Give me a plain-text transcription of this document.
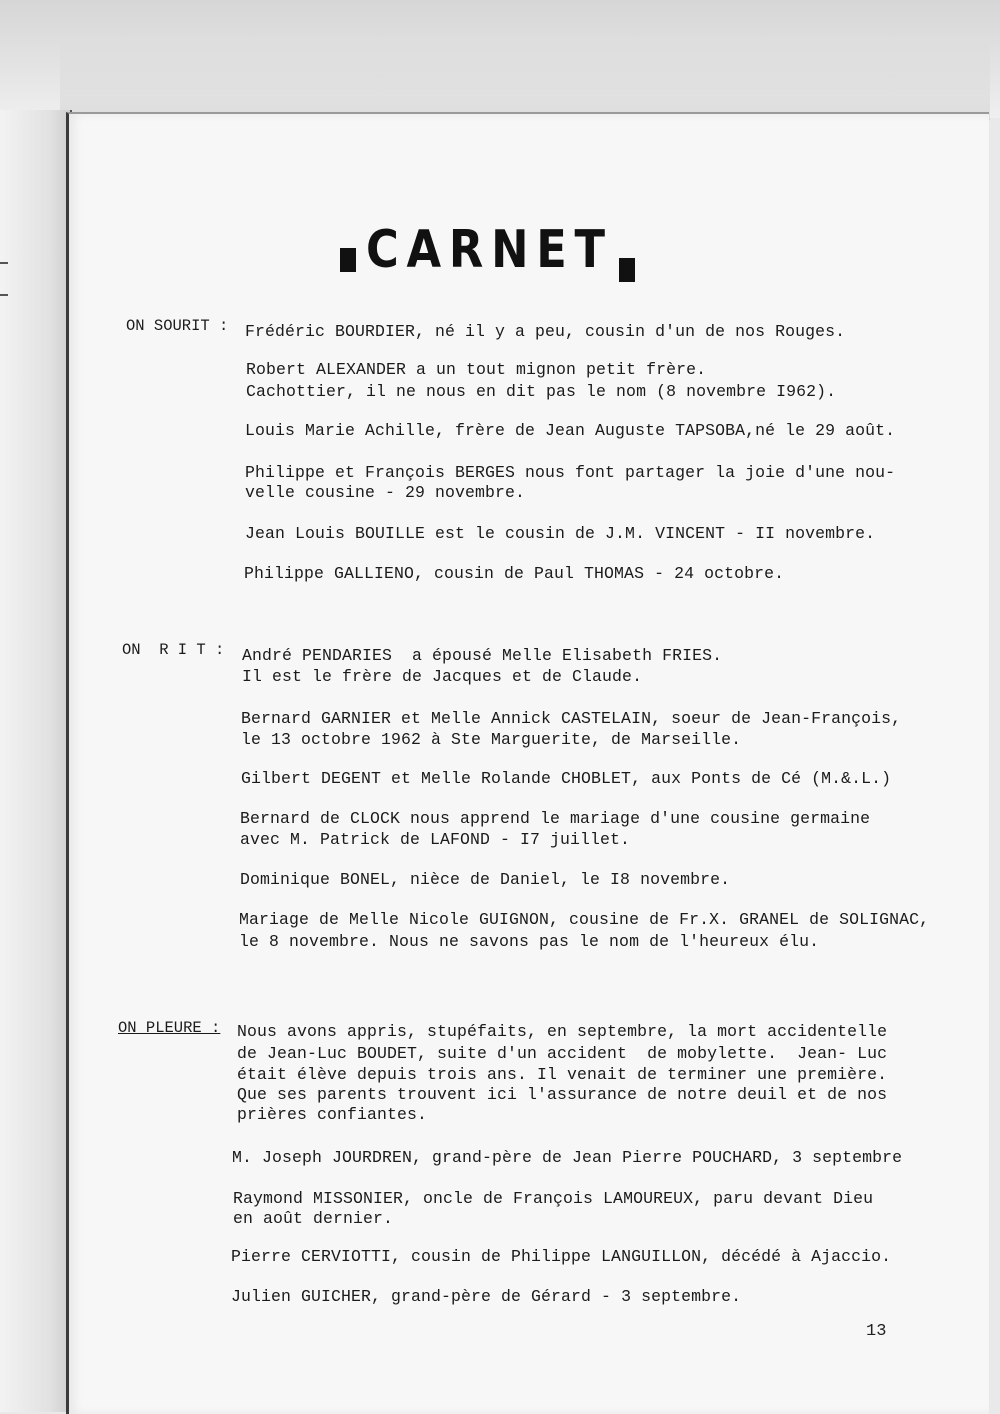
CARNET
ON SOURIT : Frédéric BOURDIER, né il y a peu, cousin d'un de nos Rouges.
Robert ALEXANDER a un tout mignon petit frère.
Cachottier, il ne nous en dit pas le nom (8 novembre I962).
Louis Marie Achille, frère de Jean Auguste TAPSOBA,né le 29 août.
Philippe et François BERGES nous font partager la joie d'une nou-
velle cousine - 29 novembre.
Jean Louis BOUILLE est le cousin de J.M. VINCENT - II novembre.
Philippe GALLIENO, cousin de Paul THOMAS - 24 octobre.
ON  R I T : André PENDARIES  a épousé Melle Elisabeth FRIES.
Il est le frère de Jacques et de Claude.
Bernard GARNIER et Melle Annick CASTELAIN, soeur de Jean-François,
le 13 octobre 1962 à Ste Marguerite, de Marseille.
Gilbert DEGENT et Melle Rolande CHOBLET, aux Ponts de Cé (M.&.L.)
Bernard de CLOCK nous apprend le mariage d'une cousine germaine
avec M. Patrick de LAFOND - I7 juillet.
Dominique BONEL, nièce de Daniel, le I8 novembre.
Mariage de Melle Nicole GUIGNON, cousine de Fr.X. GRANEL de SOLIGNAC,
le 8 novembre. Nous ne savons pas le nom de l'heureux élu.
ON PLEURE : Nous avons appris, stupéfaits, en septembre, la mort accidentelle
de Jean-Luc BOUDET, suite d'un accident  de mobylette.  Jean- Luc
était élève depuis trois ans. Il venait de terminer une première.
Que ses parents trouvent ici l'assurance de notre deuil et de nos
prières confiantes.
M. Joseph JOURDREN, grand-père de Jean Pierre POUCHARD, 3 septembre
Raymond MISSONIER, oncle de François LAMOUREUX, paru devant Dieu
en août dernier.
Pierre CERVIOTTI, cousin de Philippe LANGUILLON, décédé à Ajaccio.
Julien GUICHER, grand-père de Gérard - 3 septembre.
13
